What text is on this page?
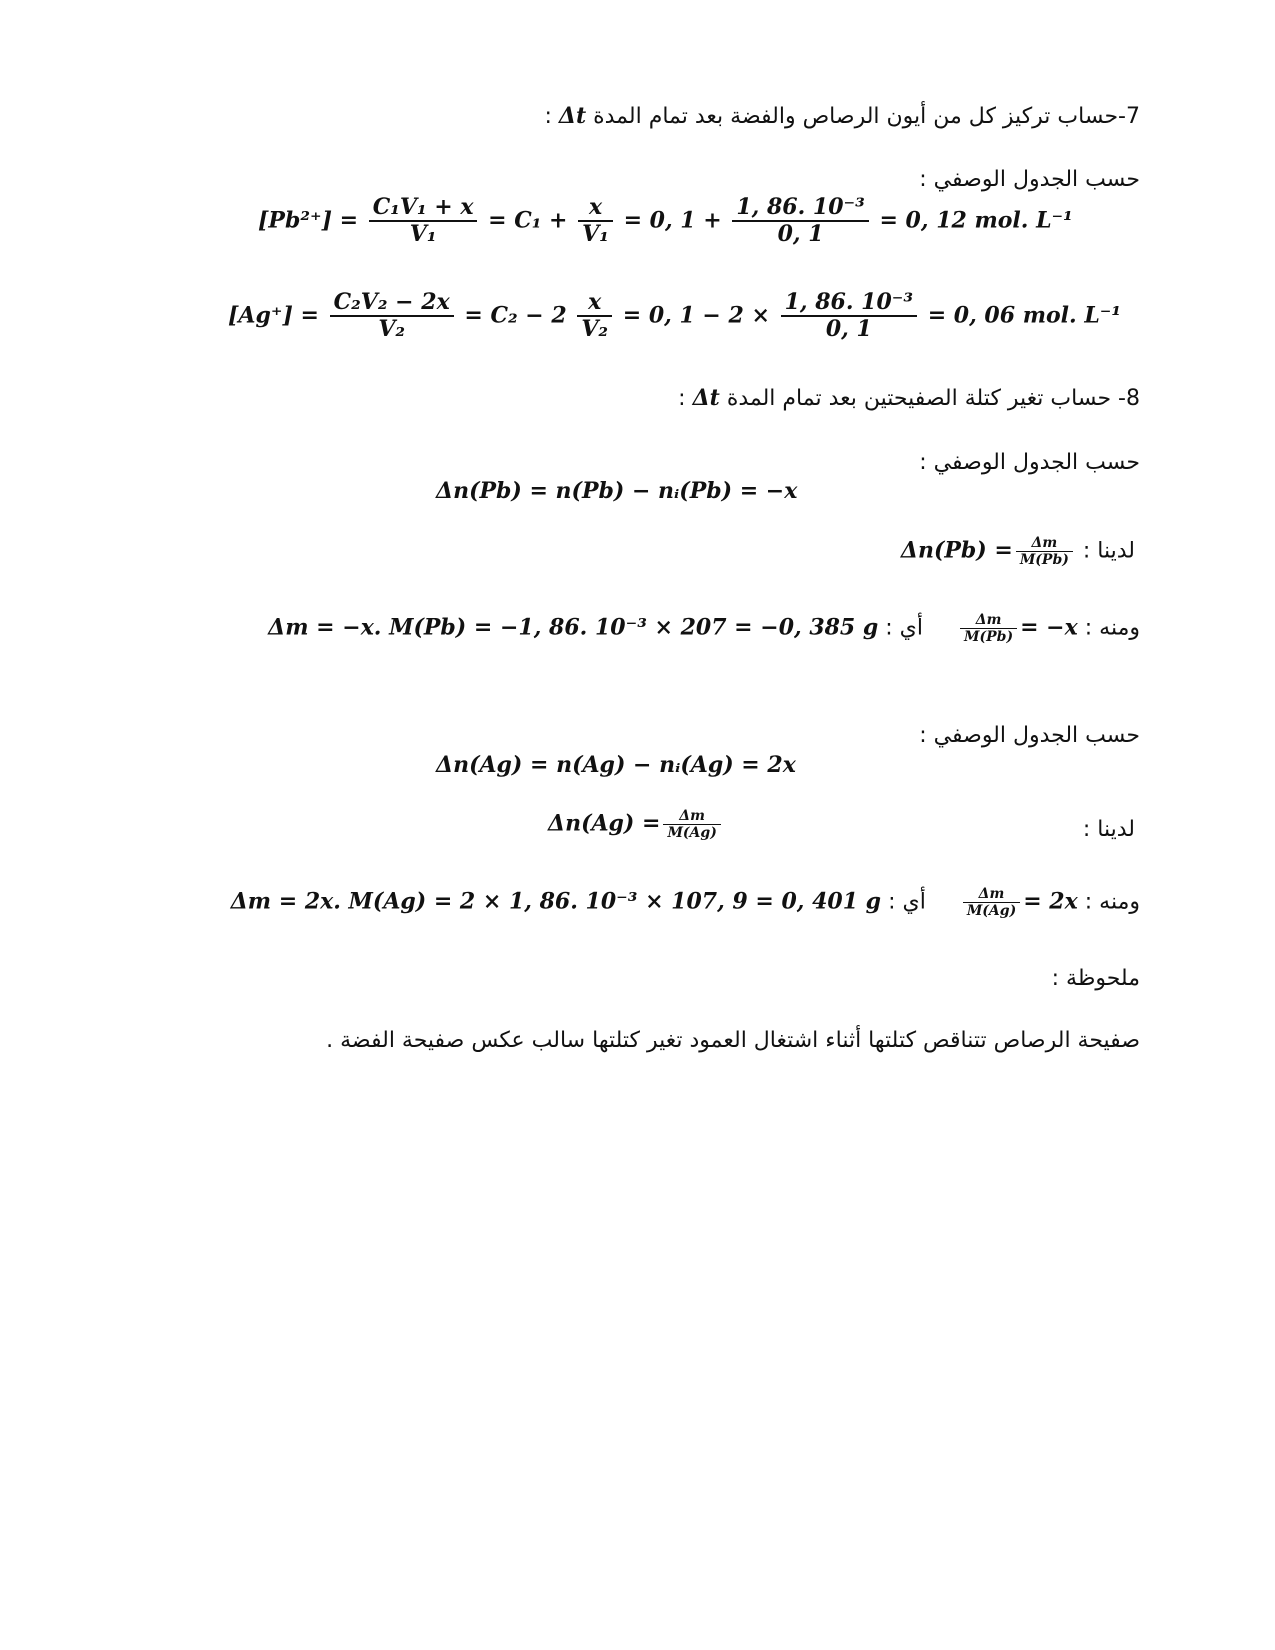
7-حساب تركيز كل من أيون الرصاص والفضة بعد تمام المدة Δt :
حسب الجدول الوصفي :
$[Pb^{2+}] = \frac{\text{C₁V₁ + x}}{\text{V₁}} = C_1 + \frac{x}{\text{V₁}} = 0$, $1 + \frac{\text{1, 86. 10⁻³}}{0, 1} = 0$, 12 mol. L⁻¹
$[Ag^+] = \frac{\text{C₂V₂ − 2x}}{\text{V₂}} = C_2 - 2 \frac{x}{\text{V₂}} = 0$, $1 - 2 \times \frac{\text{1, 86. 10⁻³}}{0, 1} = 0$, 06 mol. L⁻¹
8- حساب تغير كتلة الصفيحتين بعد تمام المدة Δt :
حسب الجدول الوصفي :
Δn(Pb) = n(Pb) − nᵢ(Pb) = −x
لدينا : $\Delta n(Pb) = \frac{\Delta m}{M(Pb)}$
ومنه :
$\frac{\Delta m}{M(Pb)} = -x$  أي : Δm = −x. M(Pb) = −1, 86. 10⁻³ × 207 = −0, 385 g
حسب الجدول الوصفي :
Δn(Ag) = n(Ag) − nᵢ(Ag) = 2x
لدينا :
$\Delta n(Ag) = \frac{\Delta m}{M(Ag)}$
ومنه :
$\frac{\Delta m}{M(Ag)} = 2x$  أي : Δm = 2x. M(Ag) = 2 × 1, 86. 10⁻³ × 107, 9 = 0, 401 g
ملحوظة :
صفيحة الرصاص تتناقص كتلتها أثناء اشتغال العمود تغير كتلتها سالب عكس صفيحة الفضة .
